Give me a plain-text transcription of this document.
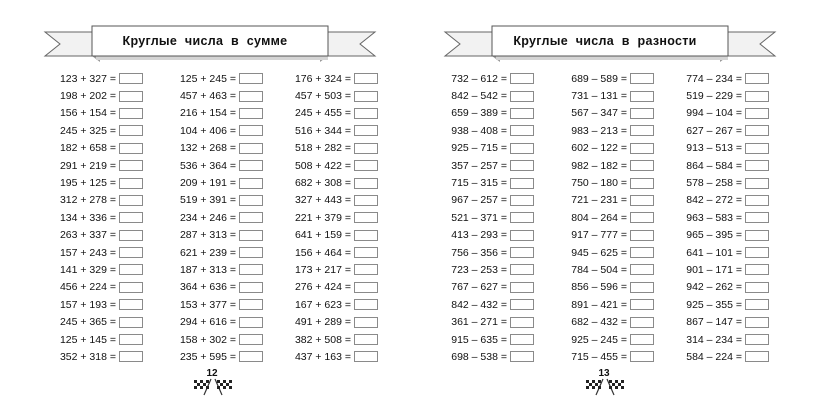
Круглые числа в сумме
123 + 327 =
198 + 202 =
156 + 154 =
245 + 325 =
182 + 658 =
291 + 219 =
195 + 125 =
312 + 278 =
134 + 336 =
263 + 337 =
157 + 243 =
141 + 329 =
456 + 224 =
157 + 193 =
245 + 365 =
125 + 145 =
352 + 318 =
125 + 245 =
457 + 463 =
216 + 154 =
104 + 406 =
132 + 268 =
536 + 364 =
209 + 191 =
519 + 391 =
234 + 246 =
287 + 313 =
621 + 239 =
187 + 313 =
364 + 636 =
153 + 377 =
294 + 616 =
158 + 302 =
235 + 595 =
176 + 324 =
457 + 503 =
245 + 455 =
516 + 344 =
518 + 282 =
508 + 422 =
682 + 308 =
327 + 443 =
221 + 379 =
641 + 159 =
156 + 464 =
173 + 217 =
276 + 424 =
167 + 623 =
491 + 289 =
382 + 508 =
437 + 163 =
12
Круглые числа в разности
732 – 612 =
842 – 542 =
659 – 389 =
938 – 408 =
925 – 715 =
357 – 257 =
715 – 315 =
967 – 257 =
521 – 371 =
413 – 293 =
756 – 356 =
723 – 253 =
767 – 627 =
842 – 432 =
361 – 271 =
915 – 635 =
698 – 538 =
689 – 589 =
731 – 131 =
567 – 347 =
983 – 213 =
602 – 122 =
982 – 182 =
750 – 180 =
721 – 231 =
804 – 264 =
917 – 777 =
945 – 625 =
784 – 504 =
856 – 596 =
891 – 421 =
682 – 432 =
925 – 245 =
715 – 455 =
774 – 234 =
519 – 229 =
994 – 104 =
627 – 267 =
913 – 513 =
864 – 584 =
578 – 258 =
842 – 272 =
963 – 583 =
965 – 395 =
641 – 101 =
901 – 171 =
942 – 262 =
925 – 355 =
867 – 147 =
314 – 234 =
584 – 224 =
13
